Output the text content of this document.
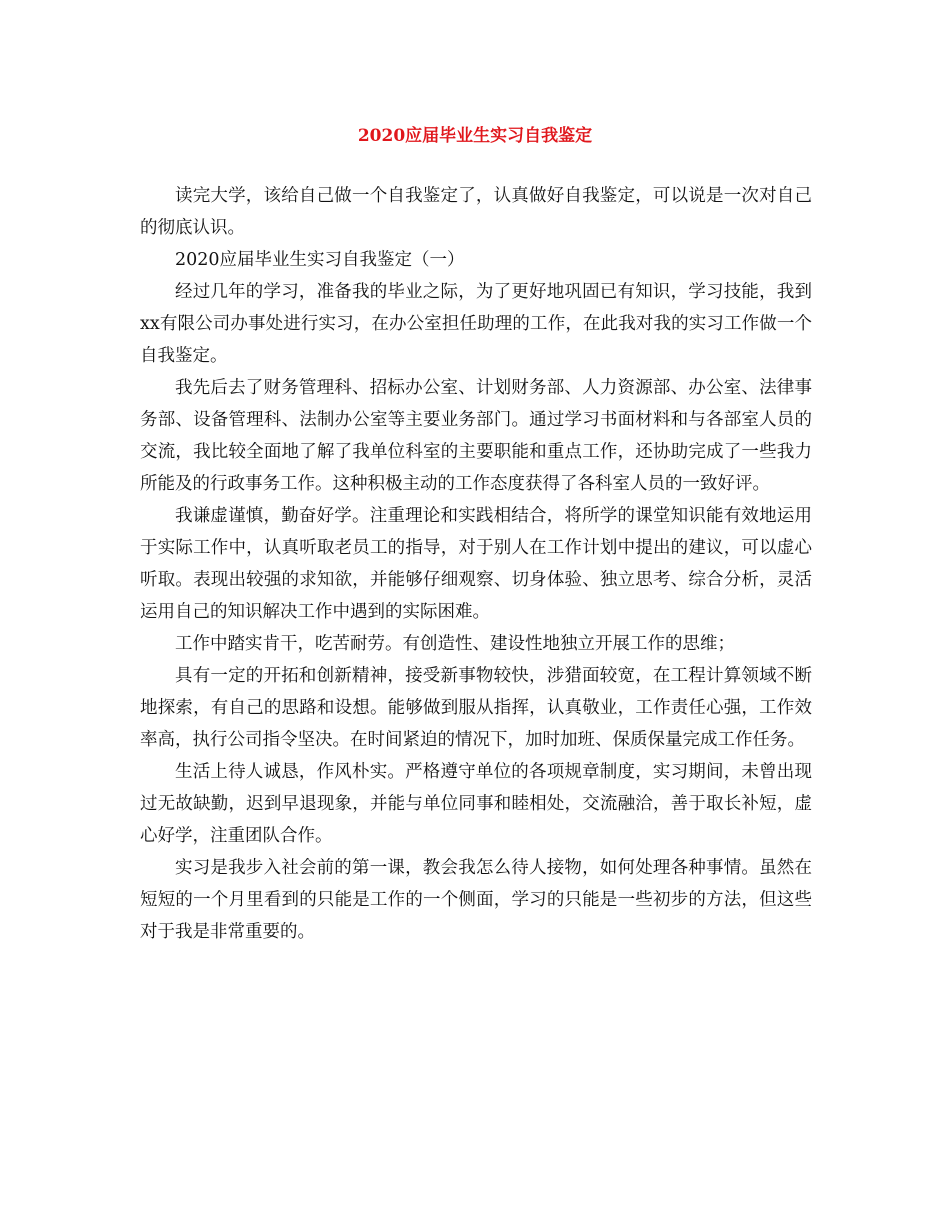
2020应届毕业生实习自我鉴定

读完大学，该给自己做一个自我鉴定了，认真做好自我鉴定，可以说是一次对自己的彻底认识。

2020应届毕业生实习自我鉴定（一）

经过几年的学习，准备我的毕业之际，为了更好地巩固已有知识，学习技能，我到xx有限公司办事处进行实习，在办公室担任助理的工作，在此我对我的实习工作做一个自我鉴定。

我先后去了财务管理科、招标办公室、计划财务部、人力资源部、办公室、法律事务部、设备管理科、法制办公室等主要业务部门。通过学习书面材料和与各部室人员的交流，我比较全面地了解了我单位科室的主要职能和重点工作，还协助完成了一些我力所能及的行政事务工作。这种积极主动的工作态度获得了各科室人员的一致好评。

我谦虚谨慎，勤奋好学。注重理论和实践相结合，将所学的课堂知识能有效地运用于实际工作中，认真听取老员工的指导，对于别人在工作计划中提出的建议，可以虚心听取。表现出较强的求知欲，并能够仔细观察、切身体验、独立思考、综合分析，灵活运用自己的知识解决工作中遇到的实际困难。

工作中踏实肯干，吃苦耐劳。有创造性、建设性地独立开展工作的思维；

具有一定的开拓和创新精神，接受新事物较快，涉猎面较宽，在工程计算领域不断地探索，有自己的思路和设想。能够做到服从指挥，认真敬业，工作责任心强，工作效率高，执行公司指令坚决。在时间紧迫的情况下，加时加班、保质保量完成工作任务。

生活上待人诚恳，作风朴实。严格遵守单位的各项规章制度，实习期间，未曾出现过无故缺勤，迟到早退现象，并能与单位同事和睦相处，交流融洽，善于取长补短，虚心好学，注重团队合作。

实习是我步入社会前的第一课，教会我怎么待人接物，如何处理各种事情。虽然在短短的一个月里看到的只能是工作的一个侧面，学习的只能是一些初步的方法，但这些对于我是非常重要的。
